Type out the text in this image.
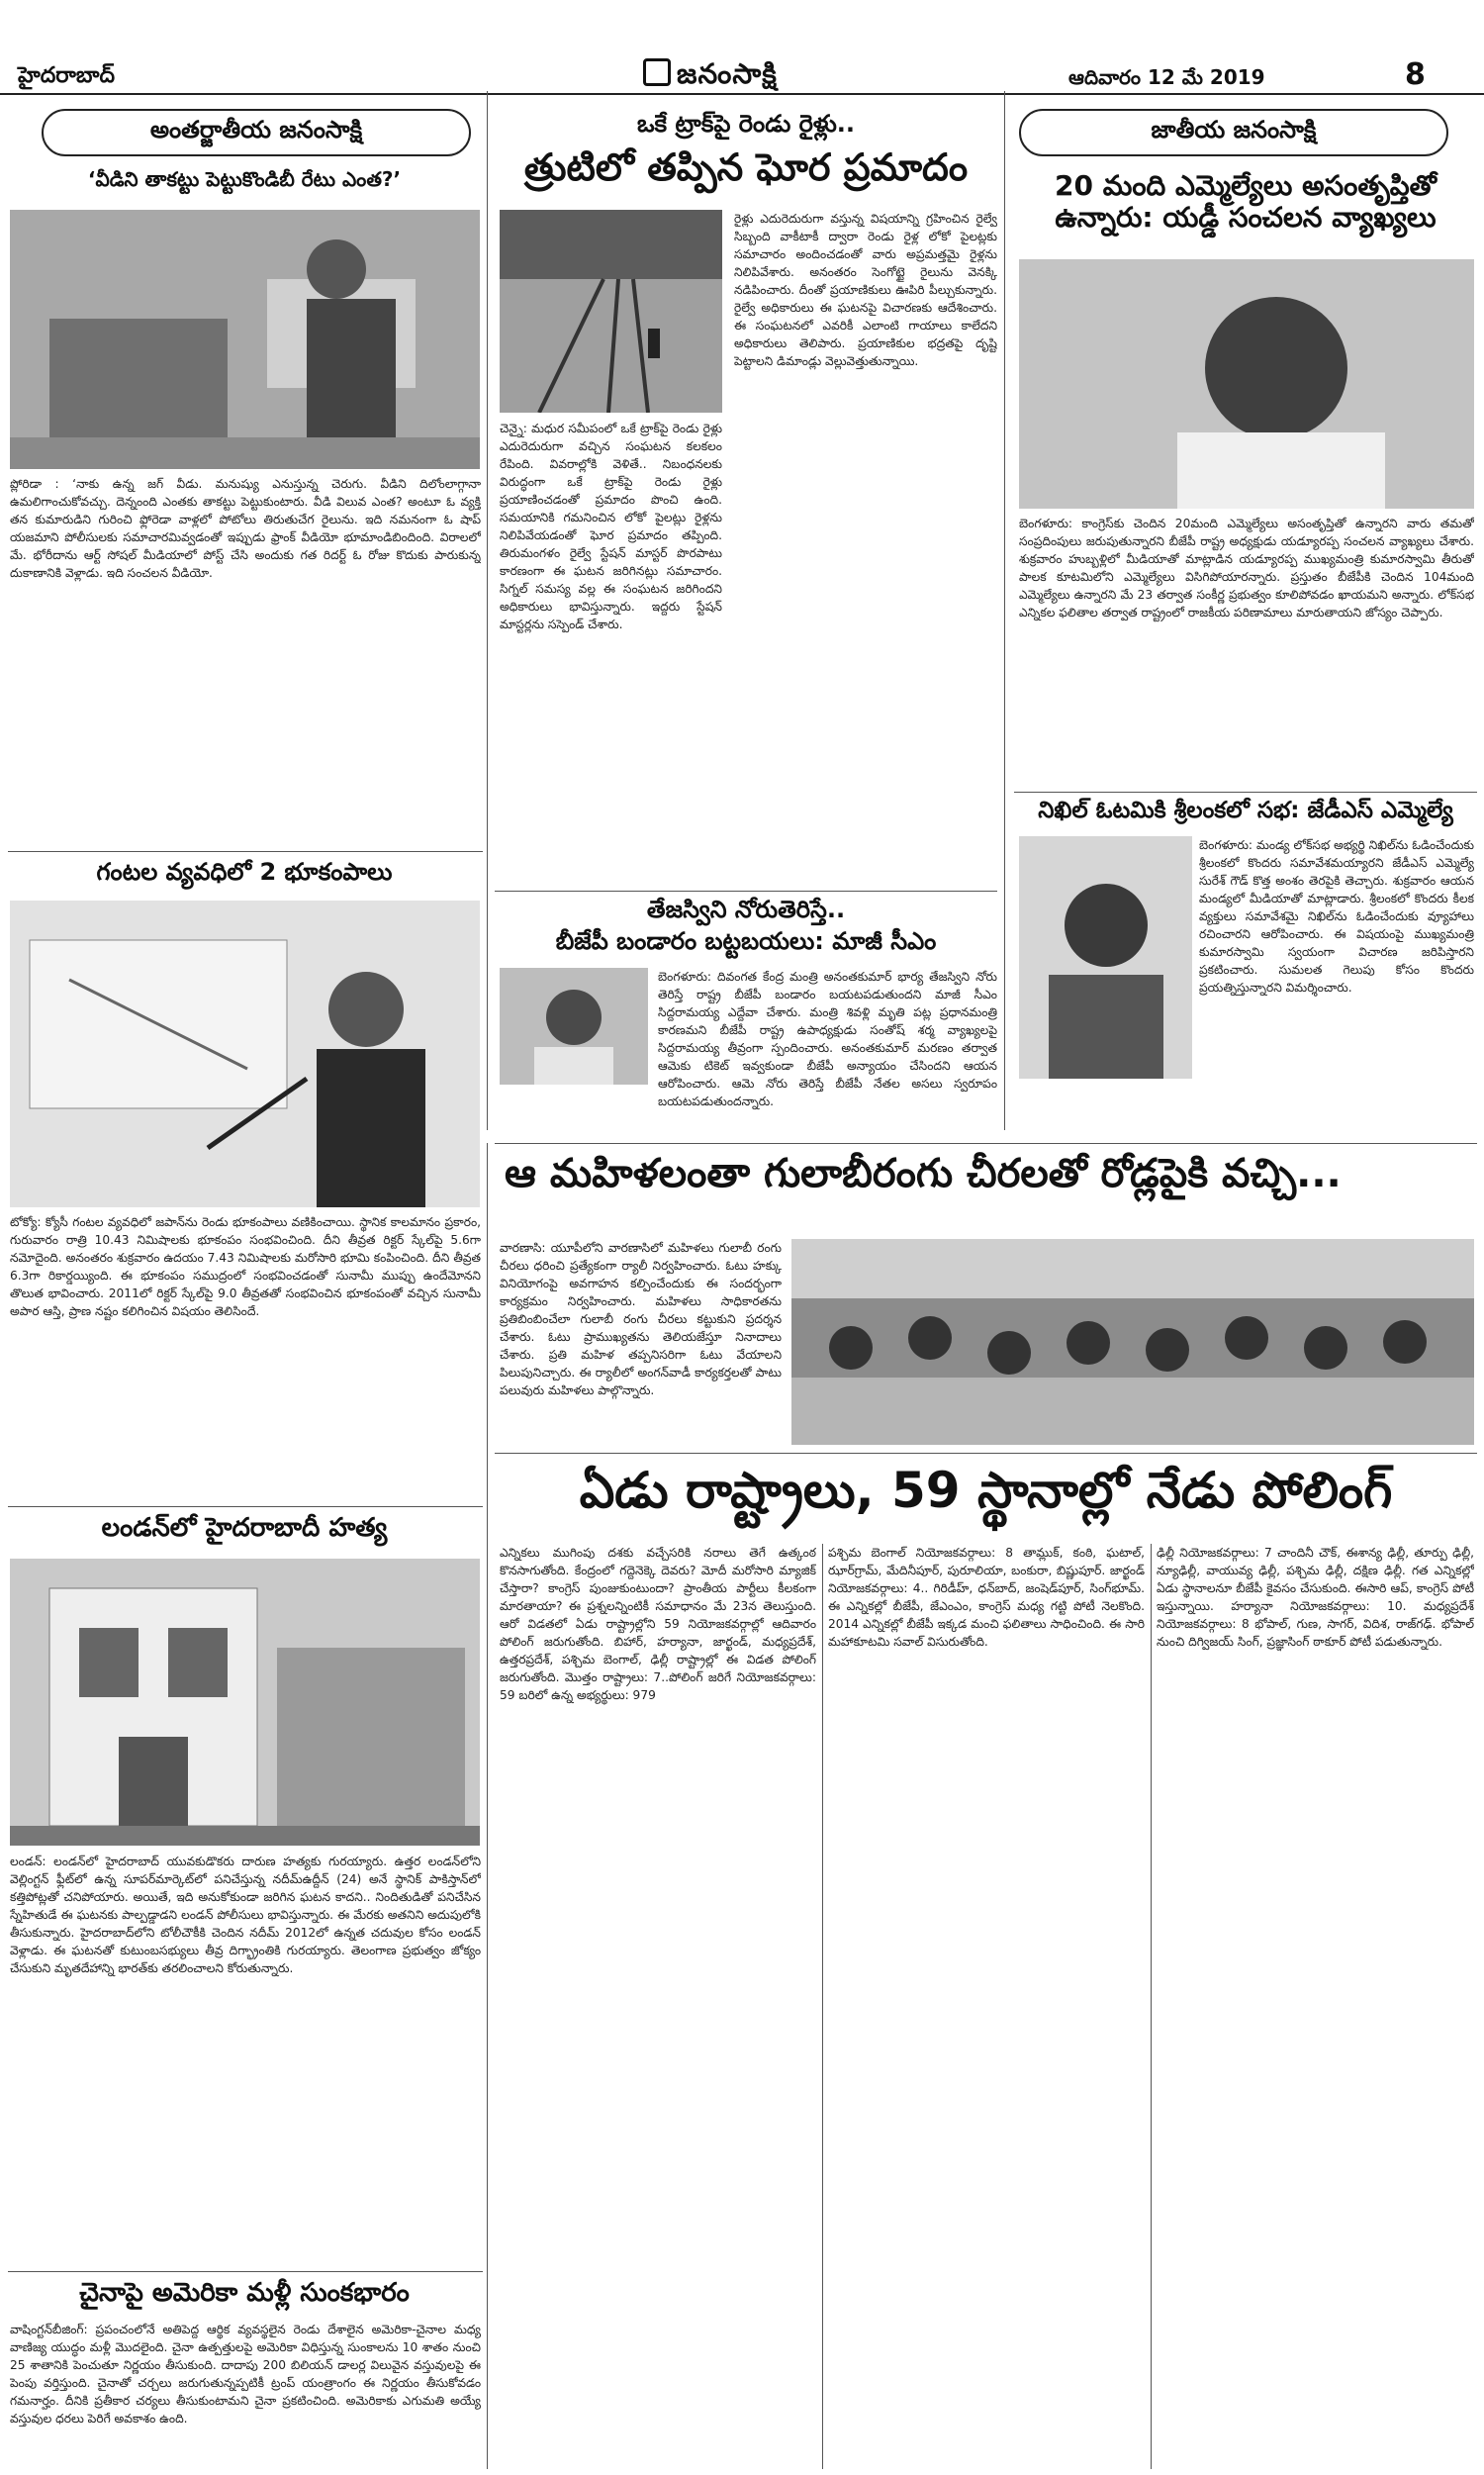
హైదరాబాద్	జనంసాక్షి	ఆదివారం 12 మే 2019	8
అంతర్జాతీయ జనంసాక్షి	జాతీయ జనంసాక్షి
‘వీడిని తాకట్టు పెట్టుకొండిబీ రేటు ఎంత?’
ప్లోరిడా : ‘నాకు ఉన్న జగ్ వీడు. మనుష్యు ఎనుస్తున్న చెరుగు. వీడిని దిలోంలాగ్గానా ఉమలిగాంచుకోవచ్చు. దెన్నంంది ఎంతకు తాకట్టు పెట్టుకుంటారు. వీడి విలువ ఎంత? అంటూ ఓ వ్యక్తి తన కుమారుడిని గురించి ఫ్లోరెడా వాళ్లలో పోటోలు తిరుతుచేగ రైలును. ఇది నమనంగా ఓ షాప్ యజమాని పోలీసులకు సమాచారమివ్వడంతో ఇప్పుడు ఫ్రాంక్ వీడియో భూమాండిబిందింది. విరాలలో మే. భోరీదాను ఆర్ట్ సోషల్ మీడియాలో పోస్ట్ చేసి అందుకు గత రిదర్ట్ ఓ రోజు కొదుకు పారుకున్న దుకాణానికి వెళ్లాడు. ఇది సంచలన వీడియో.
గంటల వ్యవధిలో 2 భూకంపాలు
టోక్యో: క్యోసీ గంటల వ్యవధిలో జపాన్‌ను రెండు భూకంపాలు వణికించాయి. స్థానిక కాలమానం ప్రకారం, గురువారం రాత్రి 10.43 నిమిషాలకు భూకంపం సంభవించింది. దీని తీవ్రత రిక్టర్ స్కేల్‌పై 5.6గా నమోదైంది. అనంతరం శుక్రవారం ఉదయం 7.43 నిమిషాలకు మరోసారి భూమి కంపించింది. దీని తీవ్రత 6.3గా రికార్డయ్యింది. ఈ భూకంపం సముద్రంలో సంభవించడంతో సునామీ ముప్పు ఉందేమోనని తొలుత భావించారు. 2011లో రిక్టర్ స్కేల్‌పై 9.0 తీవ్రతతో సంభవించిన భూకంపంతో వచ్చిన సునామీ అపార ఆస్తి, ప్రాణ నష్టం కలిగించిన విషయం తెలిసిందే.
లండన్‌లో హైదరాబాదీ హత్య
లండన్: లండన్‌లో హైదరాబాద్ యువకుడొకరు దారుణ హత్యకు గురయ్యారు. ఉత్తర లండన్‌లోని వెల్లింగ్టన్ ఫ్లీట్‌లో ఉన్న సూపర్‌మార్కెట్‌లో పనిచేస్తున్న నదీమ్‌ఉద్దీన్ (24) అనే స్థానిక్ పాకిస్తాన్‌లో కత్తిపోట్లతో చనిపోయారు. అయితే, ఇది అనుకోకుండా జరిగిన ఘటన కాదని.. నిందితుడితో పనిచేసిన స్నేహితుడే ఈ ఘటనకు పాల్పడ్డాడని లండన్ పోలీసులు భావిస్తున్నారు. ఈ మేరకు అతనిని అదుపులోకి తీసుకున్నారు. హైదరాబాద్‌లోని టోలీచౌకీకి చెందిన నదీమ్ 2012లో ఉన్నత చదువుల కోసం లండన్ వెళ్లాడు. ఈ ఘటనతో కుటుంబసభ్యులు తీవ్ర దిగ్భ్రాంతికి గురయ్యారు. తెలంగాణ ప్రభుత్వం జోక్యం చేసుకుని మృతదేహాన్ని భారత్‌కు తరలించాలని కోరుతున్నారు.
చైనాపై అమెరికా మళ్లీ సుంకభారం
వాషింగ్టన్‌బీజింగ్: ప్రపంచంలోనే అతిపెద్ద ఆర్థిక వ్యవస్థలైన రెండు దేశాలైన అమెరికా-చైనాల మధ్య వాణిజ్య యుద్ధం మళ్లీ మొదలైంది. చైనా ఉత్పత్తులపై అమెరికా విధిస్తున్న సుంకాలను 10 శాతం నుంచి 25 శాతానికి పెంచుతూ నిర్ణయం తీసుకుంది. దాదాపు 200 బిలియన్ డాలర్ల విలువైన వస్తువులపై ఈ పెంపు వర్తిస్తుంది. చైనాతో చర్చలు జరుగుతున్నప్పటికీ ట్రంప్ యంత్రాంగం ఈ నిర్ణయం తీసుకోవడం గమనార్హం. దీనికి ప్రతీకార చర్యలు తీసుకుంటామని చైనా ప్రకటించింది. అమెరికాకు ఎగుమతి అయ్యే వస్తువుల ధరలు పెరిగే అవకాశం ఉంది.
ఒకే ట్రాక్‌పై రెండు రైళ్లు..
త్రుటిలో తప్పిన ఘోర ప్రమాదం
చెన్నై: మధుర సమీపంలో ఒకే ట్రాక్‌పై రెండు రైళ్లు ఎదురెదురుగా వచ్చిన సంఘటన కలకలం రేపింది. వివరాల్లోకి వెళితే.. నిబంధనలకు విరుద్ధంగా ఒకే ట్రాక్‌పై రెండు రైళ్లు ప్రయాణించడంతో ప్రమాదం పొంచి ఉంది. సమయానికి గమనించిన లోకో పైలట్లు రైళ్లను నిలిపివేయడంతో ఘోర ప్రమాదం తప్పింది. తిరుమంగళం రైల్వే స్టేషన్ మాస్టర్ పొరపాటు కారణంగా ఈ ఘటన జరిగినట్లు సమాచారం. సిగ్నల్ సమస్య వల్ల ఈ సంఘటన జరిగిందని అధికారులు భావిస్తున్నారు. ఇద్దరు స్టేషన్ మాస్టర్లను సస్పెండ్ చేశారు.
రైళ్లు ఎదురెదురుగా వస్తున్న విషయాన్ని గ్రహించిన రైల్వే సిబ్బంది వాకీటాకీ ద్వారా రెండు రైళ్ల లోకో పైలట్లకు సమాచారం అందించడంతో వారు అప్రమత్తమై రైళ్లను నిలిపివేశారు. అనంతరం సెంగోట్టై రైలును వెనక్కి నడిపించారు. దీంతో ప్రయాణికులు ఊపిరి పీల్చుకున్నారు. రైల్వే అధికారులు ఈ ఘటనపై విచారణకు ఆదేశించారు. ఈ సంఘటనలో ఎవరికీ ఎలాంటి గాయాలు కాలేదని అధికారులు తెలిపారు. ప్రయాణికుల భద్రతపై దృష్టి పెట్టాలని డిమాండ్లు వెల్లువెత్తుతున్నాయి.
తేజస్విని నోరుతెరిస్తే..
బీజేపీ బండారం బట్టబయలు: మాజీ సీఎం
బెంగళూరు: దివంగత కేంద్ర మంత్రి అనంతకుమార్ భార్య తేజస్విని నోరు తెరిస్తే రాష్ట్ర బీజేపీ బండారం బయటపడుతుందని మాజీ సీఎం సిద్దరామయ్య ఎద్దేవా చేశారు. మంత్రి శివళ్లి మృతి పట్ల ప్రధానమంత్రి కారణమని బీజేపీ రాష్ట్ర ఉపాధ్యక్షుడు సంతోష్ శర్మ వ్యాఖ్యలపై సిద్దరామయ్య తీవ్రంగా స్పందించారు. అనంతకుమార్ మరణం తర్వాత ఆమెకు టికెట్ ఇవ్వకుండా బీజేపీ అన్యాయం చేసిందని ఆయన ఆరోపించారు. ఆమె నోరు తెరిస్తే బీజేపీ నేతల అసలు స్వరూపం బయటపడుతుందన్నారు.
20 మంది ఎమ్మెల్యేలు అసంతృప్తితో ఉన్నారు: యడ్డీ సంచలన వ్యాఖ్యలు
బెంగళూరు: కాంగ్రెస్‌కు చెందిన 20మంది ఎమ్మెల్యేలు అసంతృప్తితో ఉన్నారని వారు తమతో సంప్రదింపులు జరుపుతున్నారని బీజేపీ రాష్ట్ర అధ్యక్షుడు యడ్యూరప్ప సంచలన వ్యాఖ్యలు చేశారు. శుక్రవారం హుబ్బళ్లిలో మీడియాతో మాట్లాడిన యడ్యూరప్ప ముఖ్యమంత్రి కుమారస్వామి తీరుతో పాలక కూటమిలోని ఎమ్మెల్యేలు విసిగిపోయారన్నారు. ప్రస్తుతం బీజేపీకి చెందిన 104మంది ఎమ్మెల్యేలు ఉన్నారని మే 23 తర్వాత సంకీర్ణ ప్రభుత్వం కూలిపోవడం ఖాయమని అన్నారు. లోక్‌సభ ఎన్నికల ఫలితాల తర్వాత రాష్ట్రంలో రాజకీయ పరిణామాలు మారుతాయని జోస్యం చెప్పారు.
నిఖిల్ ఓటమికి శ్రీలంకలో సభ: జేడీఎస్ ఎమ్మెల్యే
బెంగళూరు: మండ్య లోక్‌సభ అభ్యర్థి నిఖిల్‌ను ఓడించేందుకు శ్రీలంకలో కొందరు సమావేశమయ్యారని జేడీఎస్ ఎమ్మెల్యే సురేశ్ గౌడ్ కొత్త అంశం తెరపైకి తెచ్చారు. శుక్రవారం ఆయన మండ్యలో మీడియాతో మాట్లాడారు. శ్రీలంకలో కొందరు కీలక వ్యక్తులు సమావేశమై నిఖిల్‌ను ఓడించేందుకు వ్యూహాలు రచించారని ఆరోపించారు. ఈ విషయంపై ముఖ్యమంత్రి కుమారస్వామి స్వయంగా విచారణ జరిపిస్తారని ప్రకటించారు. సుమలత గెలుపు కోసం కొందరు ప్రయత్నిస్తున్నారని విమర్శించారు.
ఆ మహిళలంతా గులాబీరంగు చీరలతో రోడ్లపైకి వచ్చి...
వారణాసి: యూపీలోని వారణాసిలో మహిళలు గులాబీ రంగు చీరలు ధరించి ప్రత్యేకంగా ర్యాలీ నిర్వహించారు. ఓటు హక్కు వినియోగంపై అవగాహన కల్పించేందుకు ఈ సందర్భంగా కార్యక్రమం నిర్వహించారు. మహిళలు సాధికారతను ప్రతిబింబించేలా గులాబీ రంగు చీరలు కట్టుకుని ప్రదర్శన చేశారు. ఓటు ప్రాముఖ్యతను తెలియజేస్తూ నినాదాలు చేశారు. ప్రతి మహిళ తప్పనిసరిగా ఓటు వేయాలని పిలుపునిచ్చారు. ఈ ర్యాలీలో అంగన్‌వాడీ కార్యకర్తలతో పాటు పలువురు మహిళలు పాల్గొన్నారు.
ఏడు రాష్ట్రాలు, 59 స్థానాల్లో నేడు పోలింగ్
ఎన్నికలు ముగింపు దశకు వచ్చేసరికి నరాలు తెగే ఉత్కంఠ కొనసాగుతోంది. కేంద్రంలో గద్దెనెక్కె దెవరు? మోదీ మరోసారి మ్యాజిక్ చేస్తారా? కాంగ్రెస్ పుంజుకుంటుందా? ప్రాంతీయ పార్టీలు కీలకంగా మారతాయా? ఈ ప్రశ్నలన్నింటికీ సమాధానం మే 23న తెలుస్తుంది. ఆరో విడతలో ఏడు రాష్ట్రాల్లోని 59 నియోజకవర్గాల్లో ఆదివారం పోలింగ్ జరుగుతోంది. బిహార్, హర్యానా, జార్ఖండ్, మధ్యప్రదేశ్, ఉత్తరప్రదేశ్, పశ్చిమ బెంగాల్, ఢిల్లీ రాష్ట్రాల్లో ఈ విడత పోలింగ్ జరుగుతోంది. మొత్తం రాష్ట్రాలు: 7..పోలింగ్ జరిగే నియోజకవర్గాలు: 59 బరిలో ఉన్న అభ్యర్థులు: 979
పశ్చిమ బెంగాల్ నియోజకవర్గాలు: 8 తామ్లుక్, కంఠి, ఘటాల్, ఝార్‌గ్రామ్, మేదినీపూర్, పురూలియా, బంకురా, బిష్ణుపూర్. జార్ఖండ్ నియోజకవర్గాలు: 4.. గిరిడీహ్, ధన్‌బాద్, జంషెడ్‌పూర్, సింగ్‌భూమ్. ఈ ఎన్నికల్లో బీజేపీ, జేఎంఎం, కాంగ్రెస్ మధ్య గట్టి పోటీ నెలకొంది. 2014 ఎన్నికల్లో బీజేపీ ఇక్కడ మంచి ఫలితాలు సాధించింది. ఈ సారి మహాకూటమి సవాల్ విసురుతోంది.
ఢిల్లీ నియోజకవర్గాలు: 7 చాందినీ చౌక్, ఈశాన్య ఢిల్లీ, తూర్పు ఢిల్లీ, న్యూఢిల్లీ, వాయువ్య ఢిల్లీ, పశ్చిమ ఢిల్లీ, దక్షిణ ఢిల్లీ. గత ఎన్నికల్లో ఏడు స్థానాలనూ బీజేపీ కైవసం చేసుకుంది. ఈసారి ఆప్, కాంగ్రెస్ పోటీ ఇస్తున్నాయి. హర్యానా నియోజకవర్గాలు: 10. మధ్యప్రదేశ్ నియోజకవర్గాలు: 8 భోపాల్, గుణ, సాగర్, విదిశ, రాజ్‌గఢ్. భోపాల్ నుంచి దిగ్విజయ్ సింగ్, ప్రజ్ఞాసింగ్ ఠాకూర్ పోటీ పడుతున్నారు.
